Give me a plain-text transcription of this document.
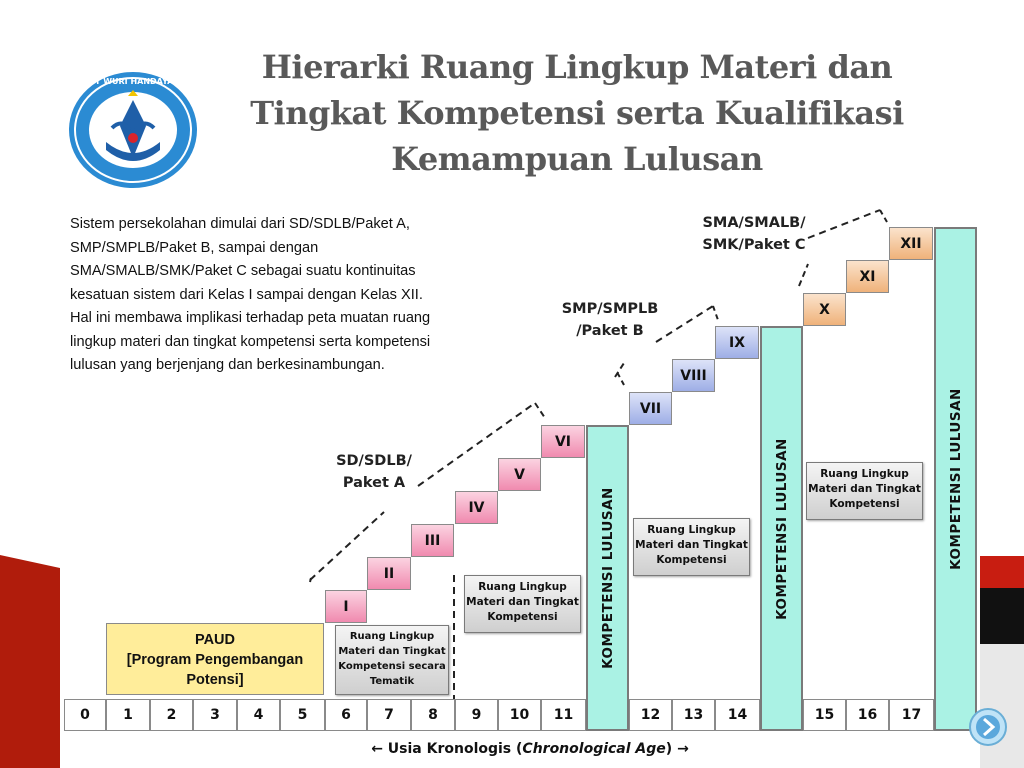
TUT WURI HANDAYANI	Hierarki Ruang Lingkup Materi dan
Tingkat Kompetensi serta Kualifikasi
Kemampuan Lulusan
Sistem persekolahan dimulai dari SD/SDLB/Paket A,
SMP/SMPLB/Paket B, sampai dengan
SMA/SMALB/SMK/Paket C sebagai suatu kontinuitas
kesatuan sistem dari Kelas I sampai dengan Kelas XII.
Hal ini membawa implikasi terhadap peta muatan ruang
lingkup materi dan tingkat kompetensi serta kompetensi
lulusan yang berjenjang dan berkesinambungan.
SD/SDLB/
Paket A
SMP/SMPLB
/Paket B
SMA/SMALB/
SMK/Paket C
I
II
III
IV
V
VI
VII
VIII
IX
X
XI
XII
KOMPETENSI LULUSAN	KOMPETENSI LULUSAN	KOMPETENSI LULUSAN
Ruang Lingkup
Materi dan Tingkat
Kompetensi secara
Tematik
Ruang Lingkup
Materi dan Tingkat
Kompetensi
Ruang Lingkup
Materi dan Tingkat
Kompetensi
Ruang Lingkup
Materi dan Tingkat
Kompetensi
PAUD
[Program Pengembangan
Potensi]
0	1	2	3	4	5	6	7	8	9	10	11	12	13	14	15	16	17
← Usia Kronologis (Chronological Age) →
